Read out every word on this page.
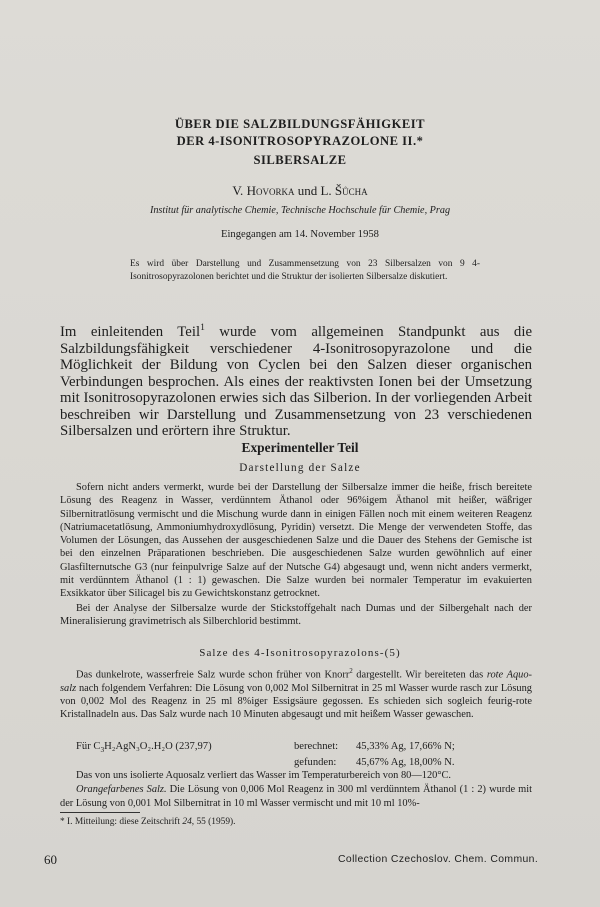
ÜBER DIE SALZBILDUNGSFÄHIGKEIT
DER 4-ISONITROSOPYRAZOLONE II.*
SILBERSALZE
V. Hovorka und L. Šůcha
Institut für analytische Chemie, Technische Hochschule für Chemie, Prag
Eingegangen am 14. November 1958
Es wird über Darstellung und Zusammensetzung von 23 Silbersalzen von 9 4-Isonitrosopyrazolonen berichtet und die Struktur der isolierten Silbersalze diskutiert.
Im einleitenden Teil$^1$ wurde vom allgemeinen Standpunkt aus die Salzbildungsfähigkeit verschiedener 4-Isonitrosopyrazolone und die Möglichkeit der Bildung von Cyclen bei den Salzen dieser organischen Verbindungen besprochen. Als eines der reaktivsten Ionen bei der Umsetzung mit Isonitrosopyrazolonen erwies sich das Silberion. In der vorliegenden Arbeit beschreiben wir Darstellung und Zusammensetzung von 23 verschiedenen Silbersalzen und erörtern ihre Struktur.
Experimenteller Teil
Darstellung der Salze

Sofern nicht anders vermerkt, wurde bei der Darstellung der Silbersalze immer die heiße, frisch bereitete Lösung des Reagenz in Wasser, verdünntem Äthanol oder 96%igem Äthanol mit heißer, wäßriger Silbernitratlösung vermischt und die Mischung wurde dann in einigen Fällen noch mit einem weiteren Reagenz (Natriumacetatlösung, Ammoniumhydroxydlösung, Pyridin) versetzt. Die Menge der verwendeten Stoffe, das Volumen der Lösungen, das Aussehen der ausgeschiedenen Salze und die Dauer des Stehens der Gemische ist bei den einzelnen Präparationen beschrieben. Die ausgeschiedenen Salze wurden gewöhnlich auf einer Glasfilternutsche G3 (nur feinpulvrige Salze auf der Nutsche G4) abgesaugt und, wenn nicht anders vermerkt, mit verdünntem Äthanol (1 : 1) gewaschen. Die Salze wurden bei normaler Temperatur im evakuierten Exsikkator über Silicagel bis zu Gewichtskonstanz getrocknet.

Bei der Analyse der Silbersalze wurde der Stickstoffgehalt nach Dumas und der Silbergehalt nach der Mineralisierung gravimetrisch als Silberchlorid bestimmt.

Salze des 4-Isonitrosopyrazolons-(5)

Das dunkelrote, wasserfreie Salz wurde schon früher von Knorr$^2$ dargestellt. Wir bereiteten das rote Aquo-salz nach folgendem Verfahren: Die Lösung von 0,002 Mol Silbernitrat in 25 ml Wasser wurde rasch zur Lösung von 0,002 Mol des Reagenz in 25 ml 8%iger Essigsäure gegossen. Es schieden sich sogleich feurig-rote Kristallnadeln aus. Das Salz wurde nach 10 Minuten abgesaugt und mit heißem Wasser gewaschen.

Für $C_3H_2AgN_3O_2.H_2O$ (237,97)	berechnet:	45,33% Ag, 17,66% N;
gefunden:	45,67% Ag, 18,00% N.

Das von uns isolierte Aquosalz verliert das Wasser im Temperaturbereich von 80—120°C.

Orangefarbenes Salz. Die Lösung von 0,006 Mol Reagenz in 300 ml verdünntem Äthanol (1 : 2) wurde mit der Lösung von 0,001 Mol Silbernitrat in 10 ml Wasser vermischt und mit 10 ml 10%-

* I. Mitteilung: diese Zeitschrift 24, 55 (1959).
60	Collection Czechoslov. Chem. Commun.
